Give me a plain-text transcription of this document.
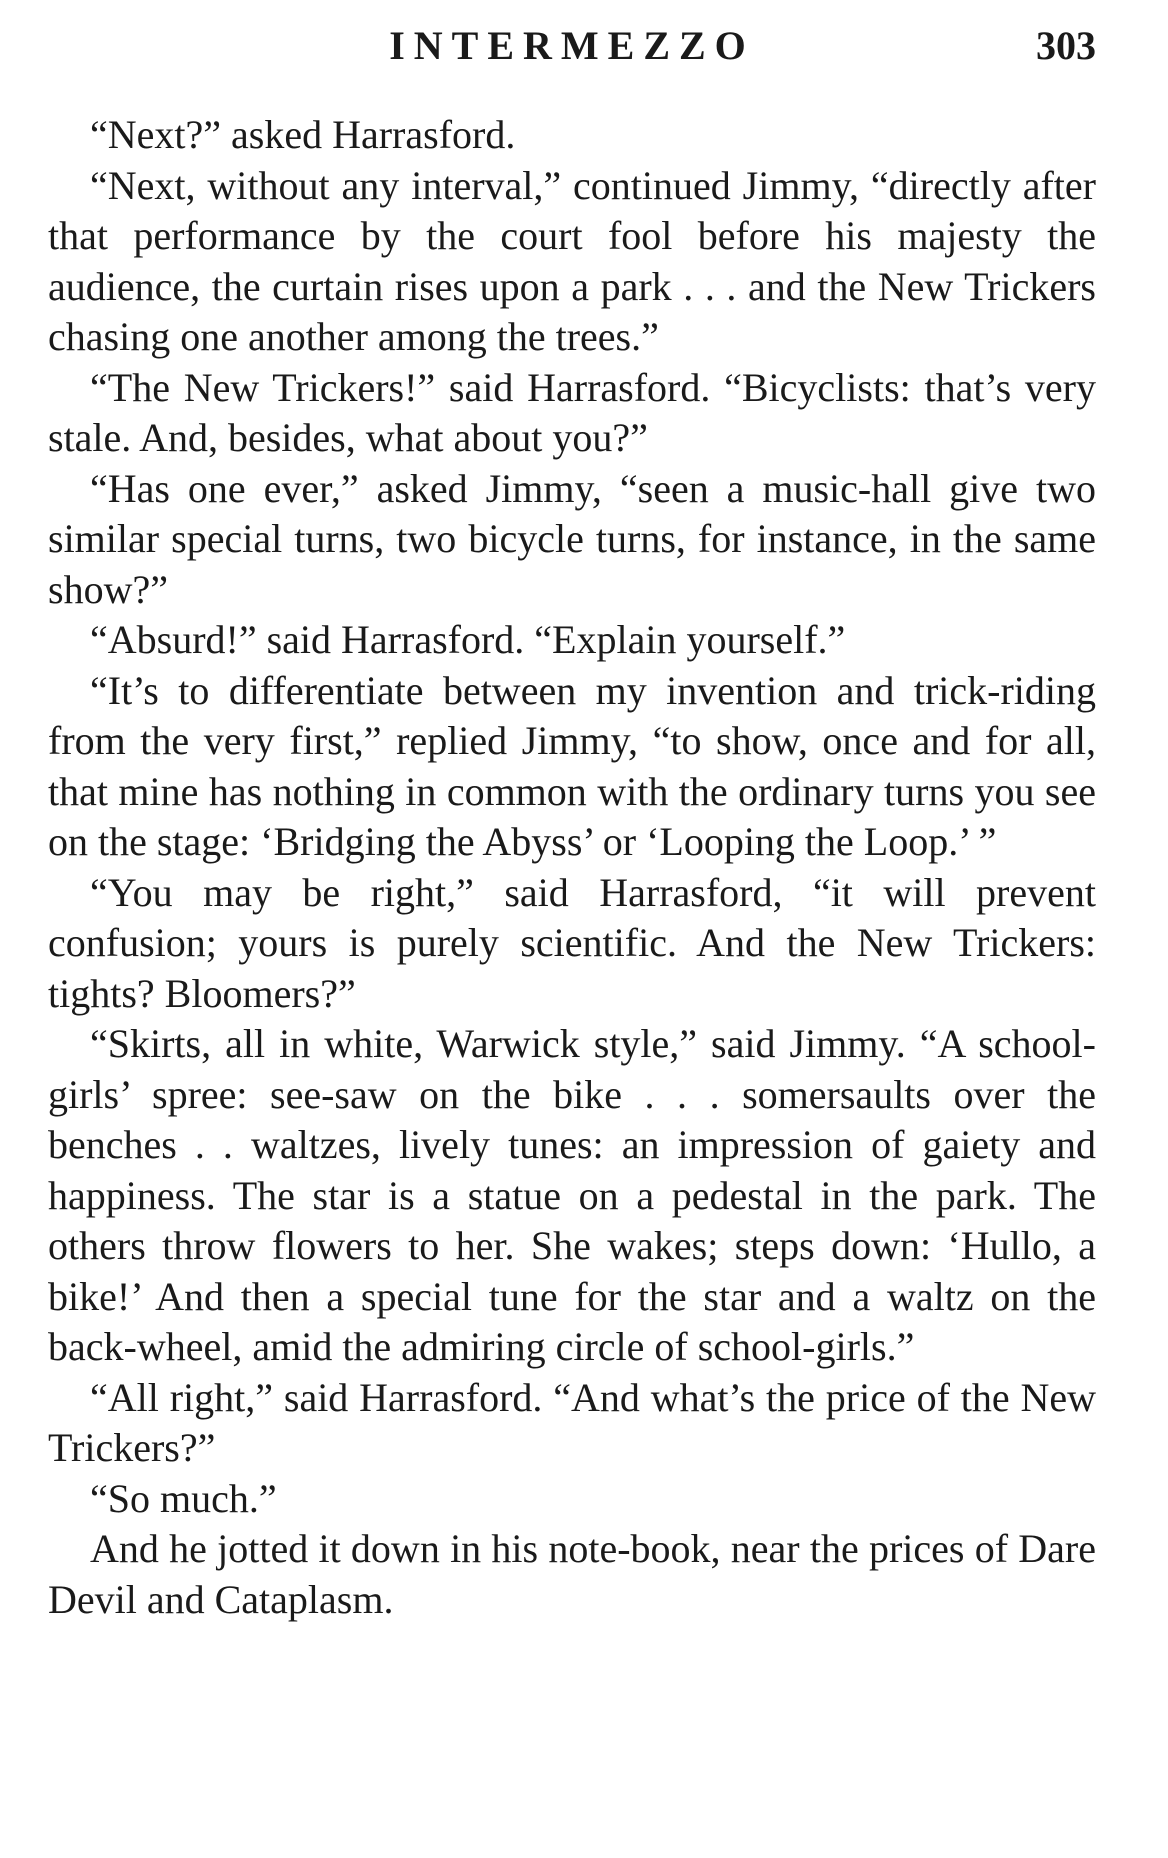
INTERMEZZO	303

“Next?” asked Harrasford.

“Next, without any interval,” continued Jimmy, “directly after that performance by the court fool before his majesty the audience, the curtain rises upon a park . . . and the New Trickers chasing one another among the trees.”

“The New Trickers!” said Harrasford. “Bicyclists: that’s very stale. And, besides, what about you?”

“Has one ever,” asked Jimmy, “seen a music-hall give two similar special turns, two bicycle turns, for instance, in the same show?”

“Absurd!” said Harrasford. “Explain yourself.”

“It’s to differentiate between my invention and trick-riding from the very first,” replied Jimmy, “to show, once and for all, that mine has nothing in common with the ordinary turns you see on the stage: ‘Bridging the Abyss’ or ‘Looping the Loop.’ ”

“You may be right,” said Harrasford, “it will prevent confusion; yours is purely scientific. And the New Trickers: tights? Bloomers?”

“Skirts, all in white, Warwick style,” said Jimmy. “A school-girls’ spree: see-saw on the bike . . . somersaults over the benches . . waltzes, lively tunes: an impression of gaiety and happiness. The star is a statue on a pedestal in the park. The others throw flowers to her. She wakes; steps down: ‘Hullo, a bike!’ And then a special tune for the star and a waltz on the back-wheel, amid the admiring circle of school-girls.”

“All right,” said Harrasford. “And what’s the price of the New Trickers?”

“So much.”

And he jotted it down in his note-book, near the prices of Dare Devil and Cataplasm.
